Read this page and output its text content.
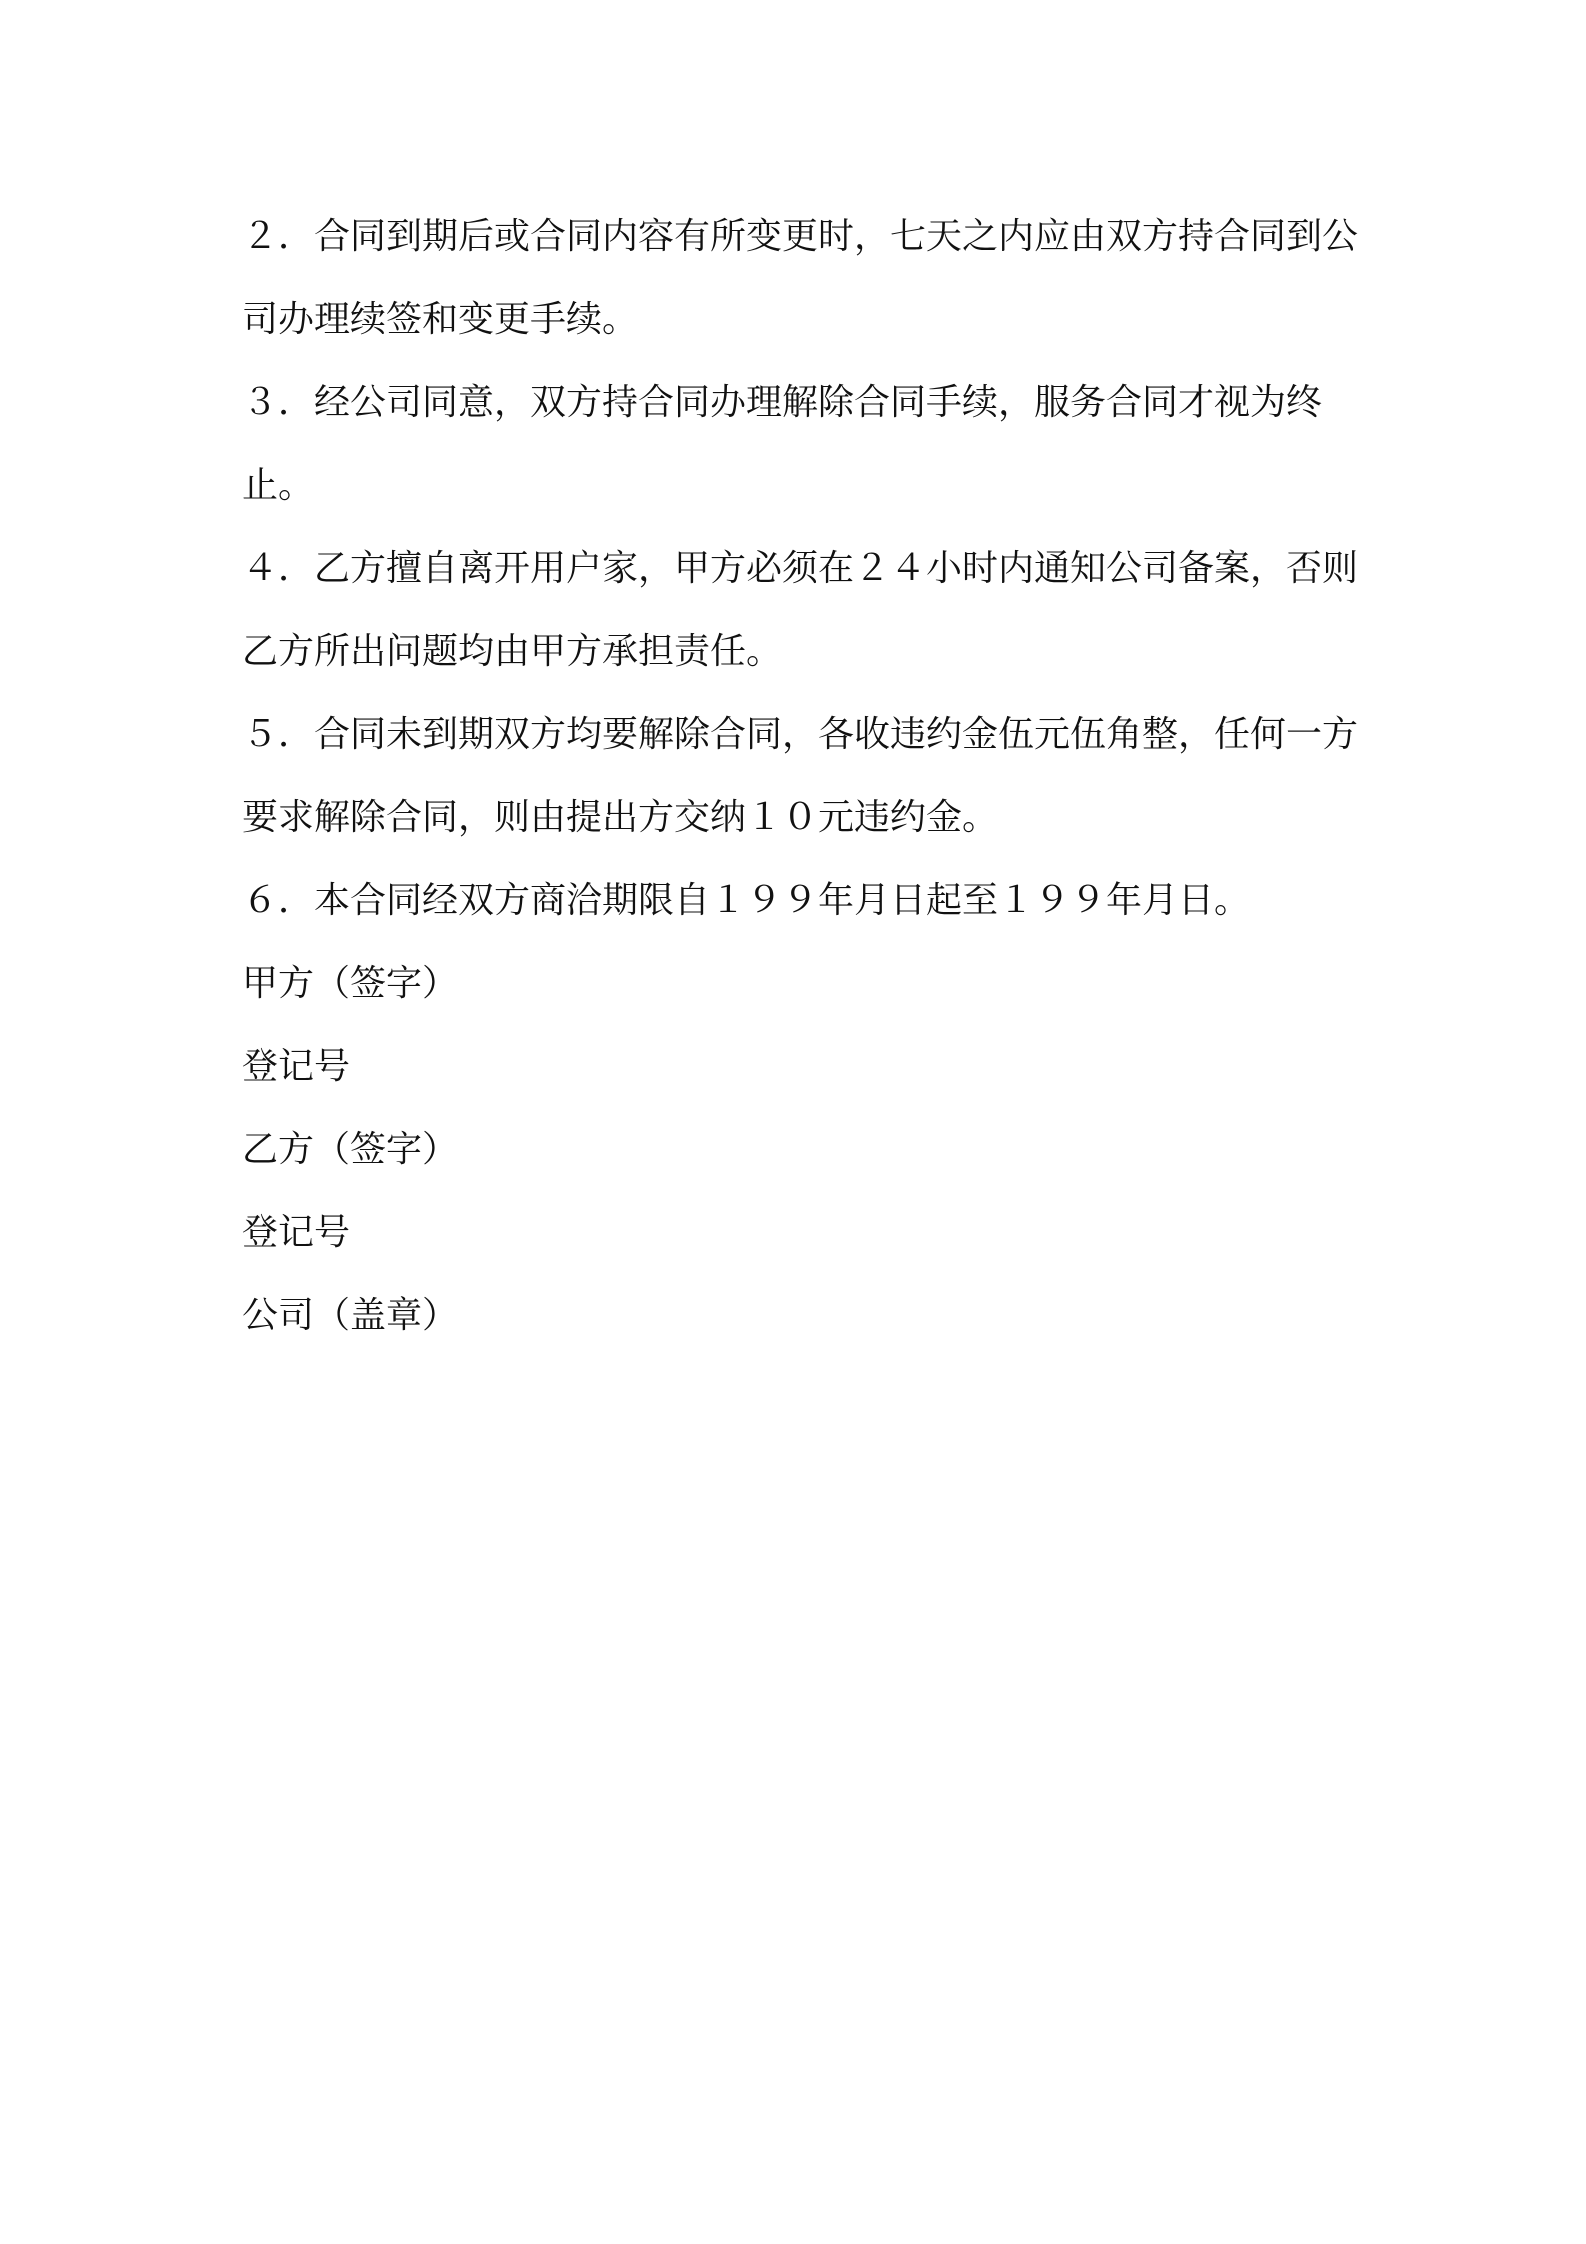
２．合同到期后或合同内容有所变更时，七天之内应由双方持合同到公司办理续签和变更手续。

３．经公司同意，双方持合同办理解除合同手续，服务合同才视为终止。

４．乙方擅自离开用户家，甲方必须在２４小时内通知公司备案，否则乙方所出问题均由甲方承担责任。

５．合同未到期双方均要解除合同，各收违约金伍元伍角整，任何一方要求解除合同，则由提出方交纳１０元违约金。

６．本合同经双方商洽期限自１９９年月日起至１９９年月日。

甲方（签字）

登记号

乙方（签字）

登记号

公司（盖章）
